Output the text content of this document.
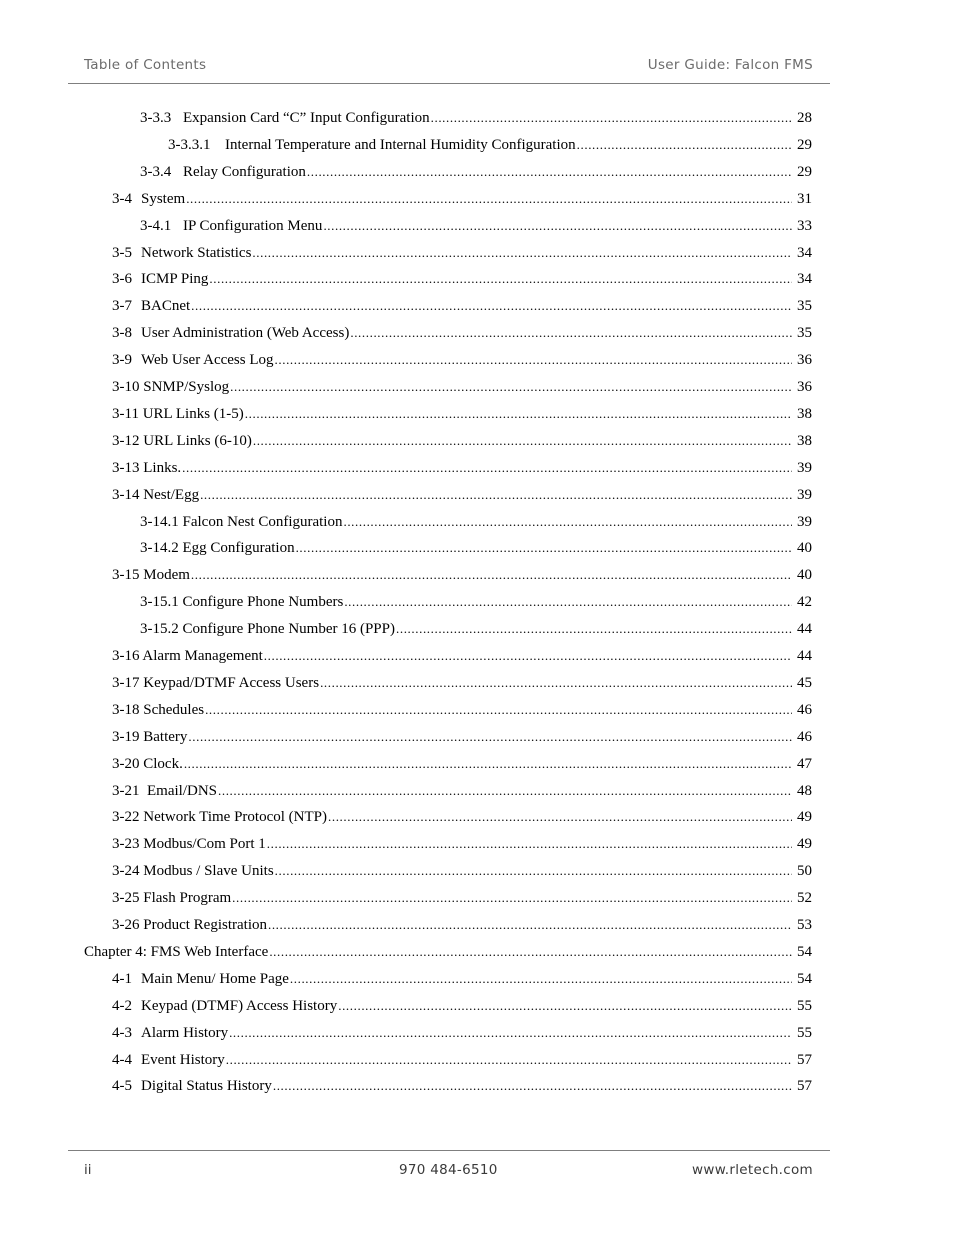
Table of Contents	User Guide: Falcon FMS
3-3.3 Expansion Card “C” Input Configuration .....	28
3-3.3.1 Internal Temperature and Internal Humidity Configuration .....	29
3-3.4 Relay Configuration .....	29
3-4 System .....	31
3-4.1 IP Configuration Menu .....	33
3-5 Network Statistics .....	34
3-6 ICMP Ping .....	34
3-7 BACnet .....	35
3-8 User Administration (Web Access) .....	35
3-9 Web User Access Log .....	36
3-10 SNMP/Syslog .....	36
3-11 URL Links (1-5) .....	38
3-12 URL Links (6-10) .....	38
3-13 Links. .....	39
3-14 Nest/Egg .....	39
3-14.1 Falcon Nest Configuration .....	39
3-14.2 Egg Configuration .....	40
3-15 Modem .....	40
3-15.1 Configure Phone Numbers .....	42
3-15.2 Configure Phone Number 16 (PPP) .....	44
3-16 Alarm Management .....	44
3-17 Keypad/DTMF Access Users .....	45
3-18 Schedules .....	46
3-19 Battery .....	46
3-20 Clock. .....	47
3-21  Email/DNS .....	48
3-22 Network Time Protocol (NTP) .....	49
3-23 Modbus/Com Port 1 .....	49
3-24 Modbus / Slave Units .....	50
3-25 Flash Program .....	52
3-26 Product Registration .....	53
Chapter 4: FMS Web Interface .....	54
4-1 Main Menu/ Home Page .....	54
4-2 Keypad (DTMF) Access History .....	55
4-3 Alarm History .....	55
4-4 Event History .....	57
4-5 Digital Status History .....	57
ii	970 484-6510	www.rletech.com
